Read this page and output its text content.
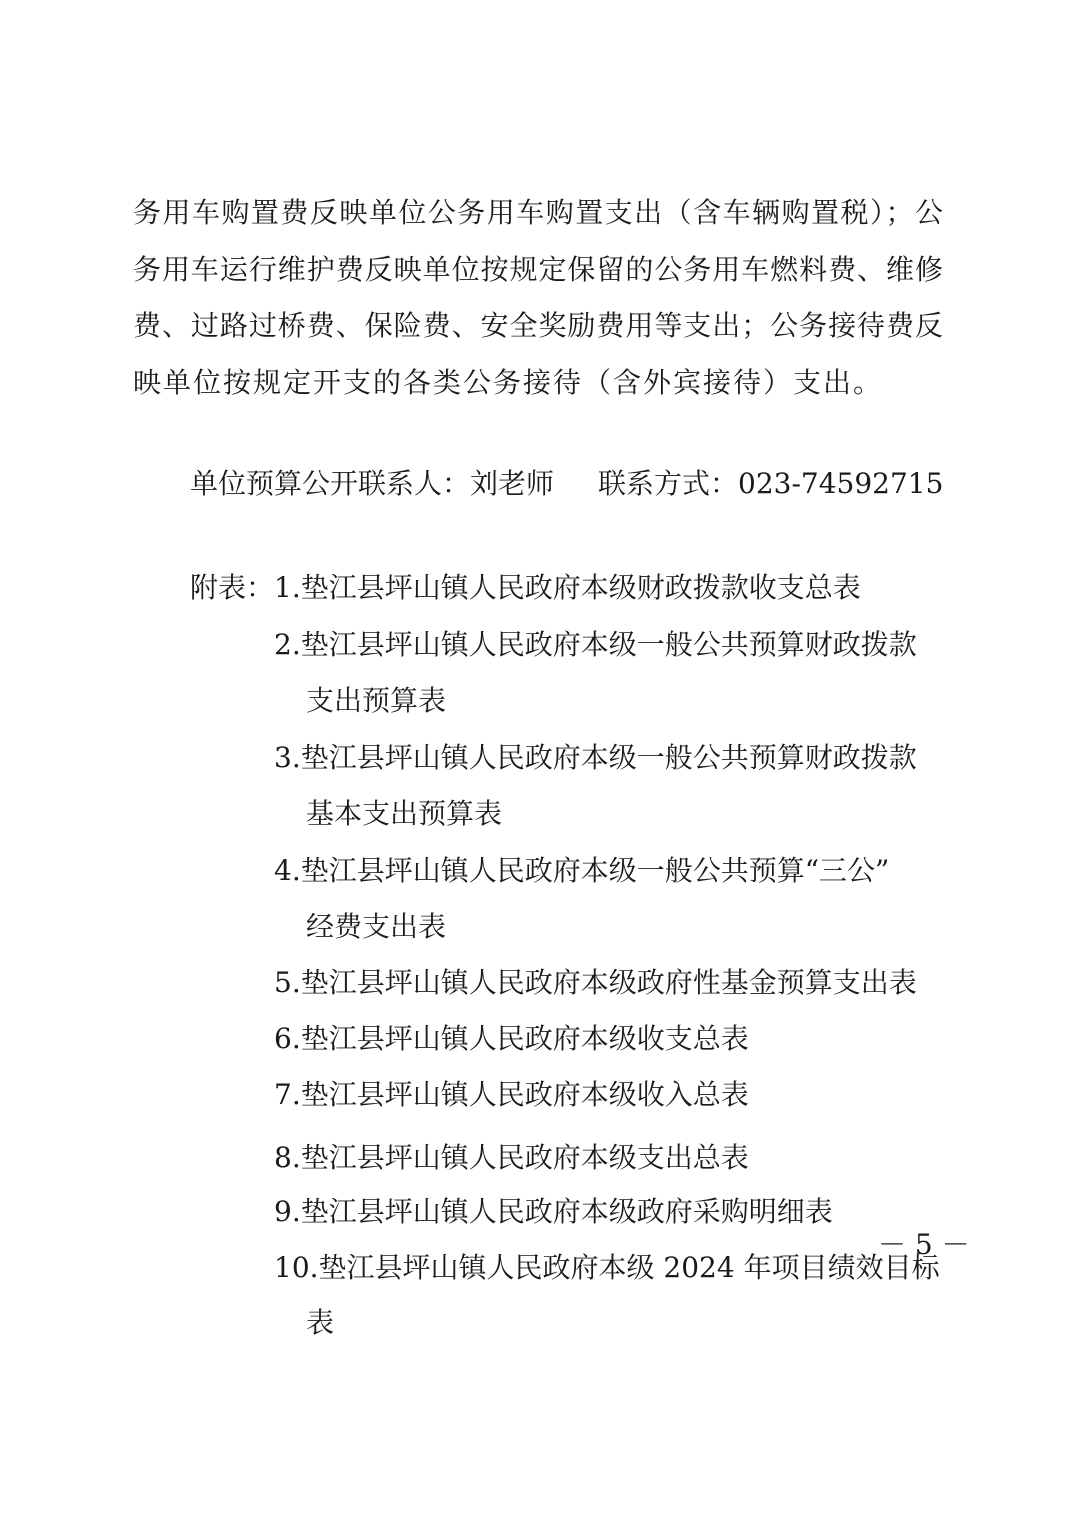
务用车购置费反映单位公务用车购置支出（含车辆购置税）；公
务用车运行维护费反映单位按规定保留的公务用车燃料费、维修
费、过路过桥费、保险费、安全奖励费用等支出；公务接待费反
映单位按规定开支的各类公务接待（含外宾接待）支出。
单位预算公开联系人：刘老师 联系方式：023-74592715
附表： 1.垫江县坪山镇人民政府本级财政拨款收支总表
2.垫江县坪山镇人民政府本级一般公共预算财政拨款
支出预算表
3.垫江县坪山镇人民政府本级一般公共预算财政拨款
基本支出预算表
4.垫江县坪山镇人民政府本级一般公共预算“三公”
经费支出表
5.垫江县坪山镇人民政府本级政府性基金预算支出表
6.垫江县坪山镇人民政府本级收支总表
7.垫江县坪山镇人民政府本级收入总表
8.垫江县坪山镇人民政府本级支出总表
9.垫江县坪山镇人民政府本级政府采购明细表
10.垫江县坪山镇人民政府本级 2024 年项目绩效目标
表
－ 5 －
